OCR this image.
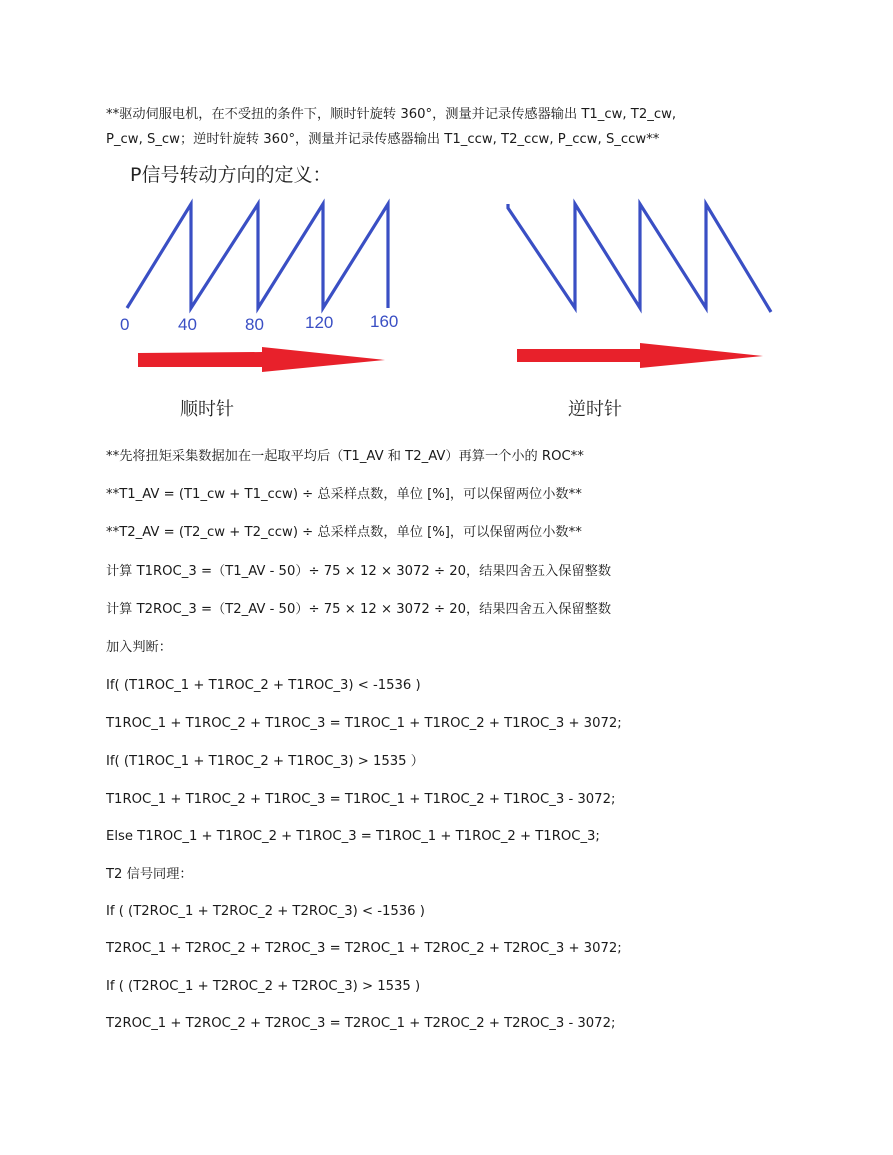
**驱动伺服电机，在不受扭的条件下，顺时针旋转 360°，测量并记录传感器输出 T1_cw, T2_cw,
P_cw, S_cw；逆时针旋转 360°，测量并记录传感器输出 T1_ccw, T2_ccw, P_ccw, S_ccw**
P信号转动方向的定义：
0	40	80 120 160
顺时针	逆时针
**先将扭矩采集数据加在一起取平均后（T1_AV 和 T2_AV）再算一个小的 ROC**
**T1_AV = (T1_cw + T1_ccw) ÷ 总采样点数，单位 [%]，可以保留两位小数**
**T2_AV = (T2_cw + T2_ccw) ÷ 总采样点数，单位 [%]，可以保留两位小数**
计算 T1ROC_3 =（T1_AV - 50）÷ 75 × 12 × 3072 ÷ 20，结果四舍五入保留整数
计算 T2ROC_3 =（T2_AV - 50）÷ 75 × 12 × 3072 ÷ 20，结果四舍五入保留整数
加入判断：
If( (T1ROC_1 + T1ROC_2 + T1ROC_3) < -1536 )
T1ROC_1 + T1ROC_2 + T1ROC_3 = T1ROC_1 + T1ROC_2 + T1ROC_3 + 3072;
If( (T1ROC_1 + T1ROC_2 + T1ROC_3) > 1535 ）
T1ROC_1 + T1ROC_2 + T1ROC_3 = T1ROC_1 + T1ROC_2 + T1ROC_3 - 3072;
Else T1ROC_1 + T1ROC_2 + T1ROC_3 = T1ROC_1 + T1ROC_2 + T1ROC_3;
T2 信号同理：
If ( (T2ROC_1 + T2ROC_2 + T2ROC_3) < -1536 )
T2ROC_1 + T2ROC_2 + T2ROC_3 = T2ROC_1 + T2ROC_2 + T2ROC_3 + 3072;
If ( (T2ROC_1 + T2ROC_2 + T2ROC_3) > 1535 )
T2ROC_1 + T2ROC_2 + T2ROC_3 = T2ROC_1 + T2ROC_2 + T2ROC_3 - 3072;
